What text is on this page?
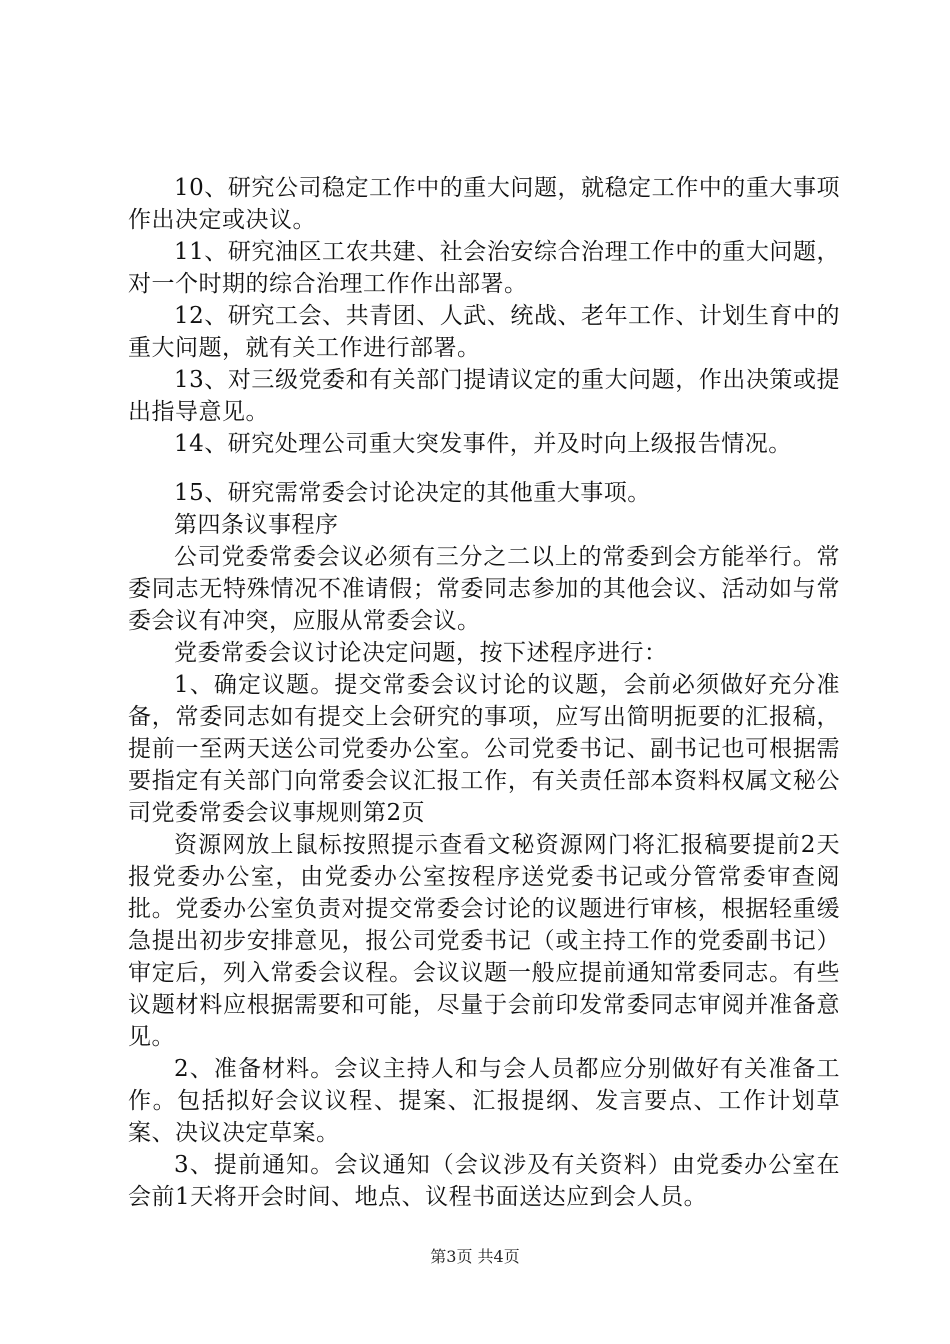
10、研究公司稳定工作中的重大问题，就稳定工作中的重大事项作出决定或决议。

11、研究油区工农共建、社会治安综合治理工作中的重大问题，对一个时期的综合治理工作作出部署。

12、研究工会、共青团、人武、统战、老年工作、计划生育中的重大问题，就有关工作进行部署。

13、对三级党委和有关部门提请议定的重大问题，作出决策或提出指导意见。

14、研究处理公司重大突发事件，并及时向上级报告情况。

15、研究需常委会讨论决定的其他重大事项。

第四条议事程序

公司党委常委会议必须有三分之二以上的常委到会方能举行。常委同志无特殊情况不准请假；常委同志参加的其他会议、活动如与常委会议有冲突，应服从常委会议。

党委常委会议讨论决定问题，按下述程序进行：

1、确定议题。提交常委会议讨论的议题，会前必须做好充分准备，常委同志如有提交上会研究的事项，应写出简明扼要的汇报稿，提前一至两天送公司党委办公室。公司党委书记、副书记也可根据需要指定有关部门向常委会议汇报工作，有关责任部本资料权属文秘公司党委常委会议事规则第2页

资源网放上鼠标按照提示查看文秘资源网门将汇报稿要提前2天报党委办公室，由党委办公室按程序送党委书记或分管常委审查阅批。党委办公室负责对提交常委会讨论的议题进行审核，根据轻重缓急提出初步安排意见，报公司党委书记（或主持工作的党委副书记）审定后，列入常委会议程。会议议题一般应提前通知常委同志。有些议题材料应根据需要和可能，尽量于会前印发常委同志审阅并准备意见。

2、准备材料。会议主持人和与会人员都应分别做好有关准备工作。包括拟好会议议程、提案、汇报提纲、发言要点、工作计划草案、决议决定草案。

3、提前通知。会议通知（会议涉及有关资料）由党委办公室在会前1天将开会时间、地点、议程书面送达应到会人员。

第3页 共4页
